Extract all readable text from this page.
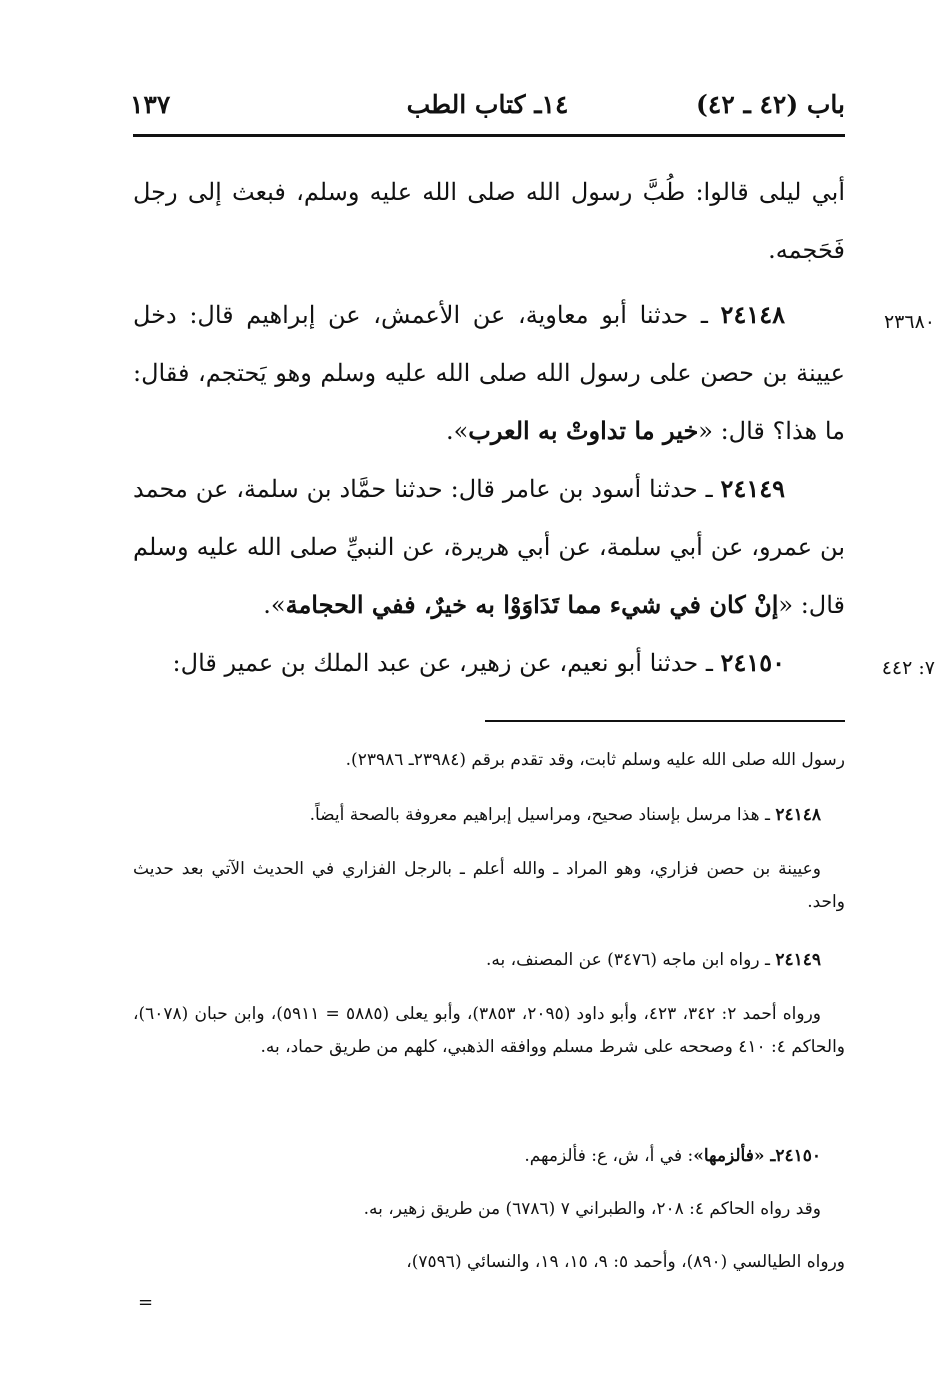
باب (٤٢ ـ ٤٢)
١٤ـ كتاب الطب
١٣٧
أبي ليلى قالوا: طُبَّ رسول الله صلى الله عليه وسلم، فبعث إلى رجل فَحَجمه.
٢٣٦٨٠
٢٤١٤٨ ـ حدثنا أبو معاوية، عن الأعمش، عن إبراهيم قال: دخل عيينة بن حصن على رسول الله صلى الله عليه وسلم وهو يَحتجم، فقال: ما هذا؟ قال: «خير ما تداوتْ به العرب».
٢٤١٤٩ ـ حدثنا أسود بن عامر قال: حدثنا حمَّاد بن سلمة، عن محمد بن عمرو، عن أبي سلمة، عن أبي هريرة، عن النبيِّ صلى الله عليه وسلم قال: «إنْ كان في شيء مما تَدَاوَوْا به خيرٌ، ففي الحجامة».
٧: ٤٤٢
٢٤١٥٠ ـ حدثنا أبو نعيم، عن زهير، عن عبد الملك بن عمير قال:
رسول الله صلى الله عليه وسلم ثابت، وقد تقدم برقم (٢٣٩٨٤ـ ٢٣٩٨٦).
٢٤١٤٨ ـ هذا مرسل بإسناد صحيح، ومراسيل إبراهيم معروفة بالصحة أيضاً.
وعيينة بن حصن فزاري، وهو المراد ـ والله أعلم ـ بالرجل الفزاري في الحديث الآتي بعد حديث واحد.
٢٤١٤٩ ـ رواه ابن ماجه (٣٤٧٦) عن المصنف، به.
ورواه أحمد ٢: ٣٤٢، ٤٢٣، وأبو داود (٢٠٩٥، ٣٨٥٣)، وأبو يعلى (٥٨٨٥ = ٥٩١١)، وابن حبان (٦٠٧٨)، والحاكم ٤: ٤١٠ وصححه على شرط مسلم ووافقه الذهبي، كلهم من طريق حماد، به.
٢٤١٥٠ـ «فألزمها»: في أ، ش، ع: فألزمهم.
وقد رواه الحاكم ٤: ٢٠٨، والطبراني ٧ (٦٧٨٦) من طريق زهير، به.
ورواه الطيالسي (٨٩٠)، وأحمد ٥: ٩، ١٥، ١٩، والنسائي (٧٥٩٦)،
=
